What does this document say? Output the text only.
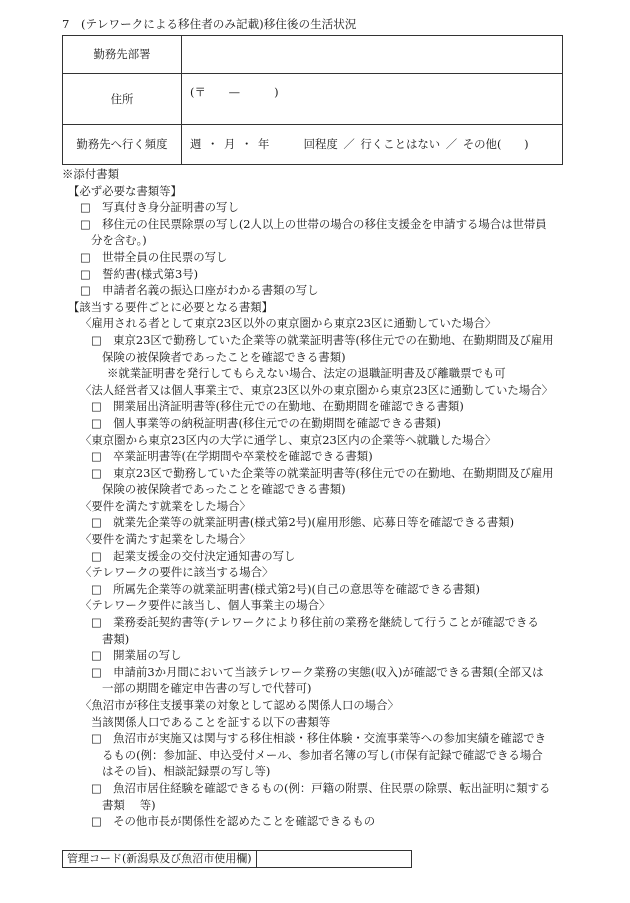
7　(テレワークによる移住者のみ記載)移住後の生活状況
勤務先部署	
住所	(〒　　—　　　)
勤務先へ行く頻度	週 ・ 月 ・ 年　　　回程度 ／ 行くことはない ／ その他(　　)
※添付書類
【必ず必要な書類等】
□　写真付き身分証明書の写し
□　移住元の住民票除票の写し(2人以上の世帯の場合の移住支援金を申請する場合は世帯員
分を含む。)
□　世帯全員の住民票の写し
□　誓約書(様式第3号)
□　申請者名義の振込口座がわかる書類の写し
【該当する要件ごとに必要となる書類】
〈雇用される者として東京23区以外の東京圏から東京23区に通勤していた場合〉
□　東京23区で勤務していた企業等の就業証明書等(移住元での在勤地、在勤期間及び雇用
保険の被保険者であったことを確認できる書類)
※就業証明書を発行してもらえない場合、法定の退職証明書及び離職票でも可
〈法人経営者又は個人事業主で、東京23区以外の東京圏から東京23区に通勤していた場合〉
□　開業届出済証明書等(移住元での在勤地、在勤期間を確認できる書類)
□　個人事業等の納税証明書(移住元での在勤期間を確認できる書類)
〈東京圏から東京23区内の大学に通学し、東京23区内の企業等へ就職した場合〉
□　卒業証明書等(在学期間や卒業校を確認できる書類)
□　東京23区で勤務していた企業等の就業証明書等(移住元での在勤地、在勤期間及び雇用
保険の被保険者であったことを確認できる書類)
〈要件を満たす就業をした場合〉
□　就業先企業等の就業証明書(様式第2号)(雇用形態、応募日等を確認できる書類)
〈要件を満たす起業をした場合〉
□　起業支援金の交付決定通知書の写し
〈テレワークの要件に該当する場合〉
□　所属先企業等の就業証明書(様式第2号)(自己の意思等を確認できる書類)
〈テレワーク要件に該当し、個人事業主の場合〉
□　業務委託契約書等(テレワークにより移住前の業務を継続して行うことが確認できる
書類)
□　開業届の写し
□　申請前3か月間において当該テレワーク業務の実態(収入)が確認できる書類(全部又は
一部の期間を確定申告書の写しで代替可)
〈魚沼市が移住支援事業の対象として認める関係人口の場合〉
当該関係人口であることを証する以下の書類等
□　魚沼市が実施又は関与する移住相談・移住体験・交流事業等への参加実績を確認でき
るもの(例：参加証、申込受付メール、参加者名簿の写し(市保有記録で確認できる場合
はその旨)、相談記録票の写し等)
□　魚沼市居住経験を確認できるもの(例：戸籍の附票、住民票の除票、転出証明に類する
書類　 等)
□　その他市長が関係性を認めたことを確認できるもの
管理コード(新潟県及び魚沼市使用欄)
